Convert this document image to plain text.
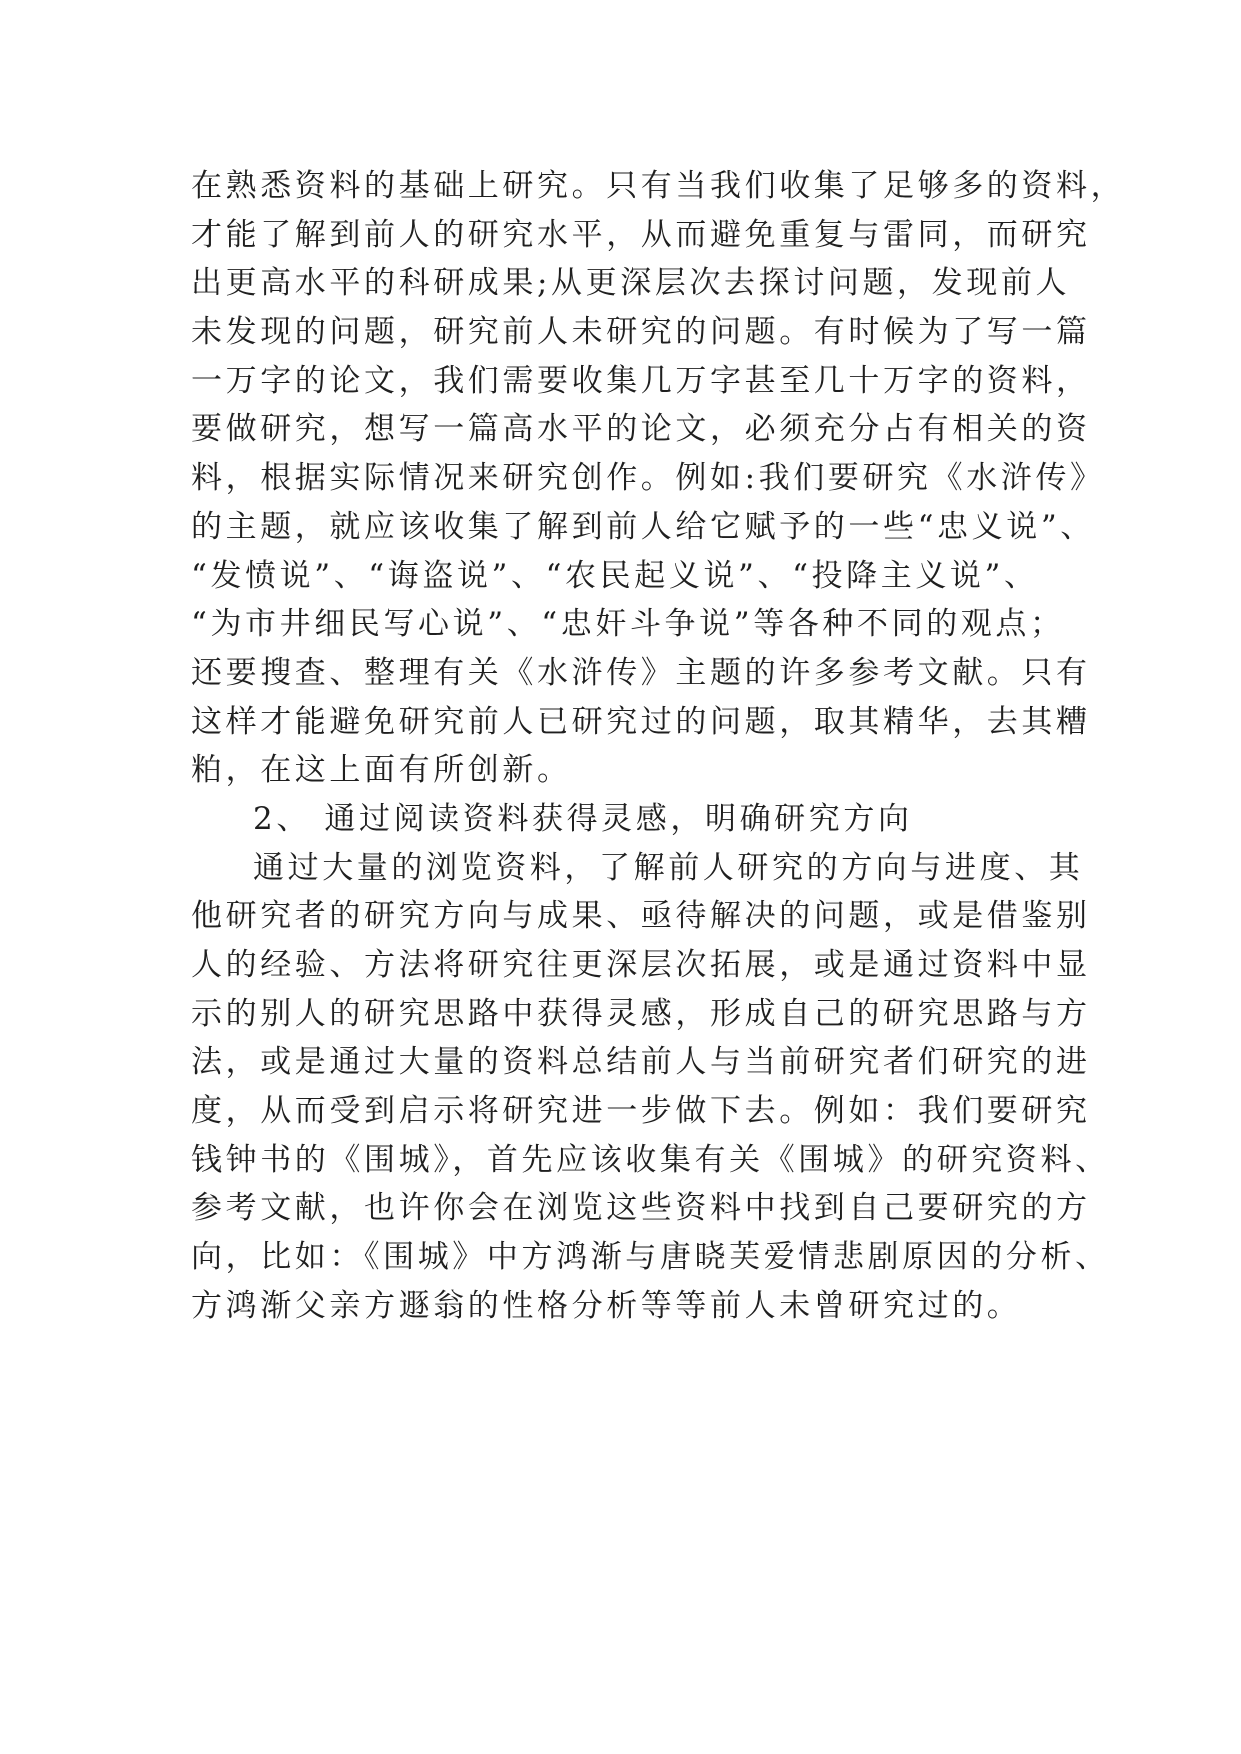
在熟悉资料的基础上研究。只有当我们收集了足够多的资料，
才能了解到前人的研究水平，从而避免重复与雷同，而研究
出更高水平的科研成果;从更深层次去探讨问题，发现前人
未发现的问题，研究前人未研究的问题。有时候为了写一篇
一万字的论文，我们需要收集几万字甚至几十万字的资料，
要做研究，想写一篇高水平的论文，必须充分占有相关的资
料，根据实际情况来研究创作。例如:我们要研究《水浒传》
的主题，就应该收集了解到前人给它赋予的一些“忠义说”、
“发愤说”、“诲盗说”、“农民起义说”、“投降主义说”、
“为市井细民写心说”、“忠奸斗争说”等各种不同的观点；
还要搜查、整理有关《水浒传》主题的许多参考文献。只有
这样才能避免研究前人已研究过的问题，取其精华，去其糟
粕，在这上面有所创新。
2、 通过阅读资料获得灵感，明确研究方向
通过大量的浏览资料，了解前人研究的方向与进度、其
他研究者的研究方向与成果、亟待解决的问题，或是借鉴别
人的经验、方法将研究往更深层次拓展，或是通过资料中显
示的别人的研究思路中获得灵感，形成自己的研究思路与方
法，或是通过大量的资料总结前人与当前研究者们研究的进
度，从而受到启示将研究进一步做下去。例如：我们要研究
钱钟书的《围城》，首先应该收集有关《围城》的研究资料、
参考文献，也许你会在浏览这些资料中找到自己要研究的方
向，比如：《围城》中方鸿渐与唐晓芙爱情悲剧原因的分析、
方鸿渐父亲方遯翁的性格分析等等前人未曾研究过的。
